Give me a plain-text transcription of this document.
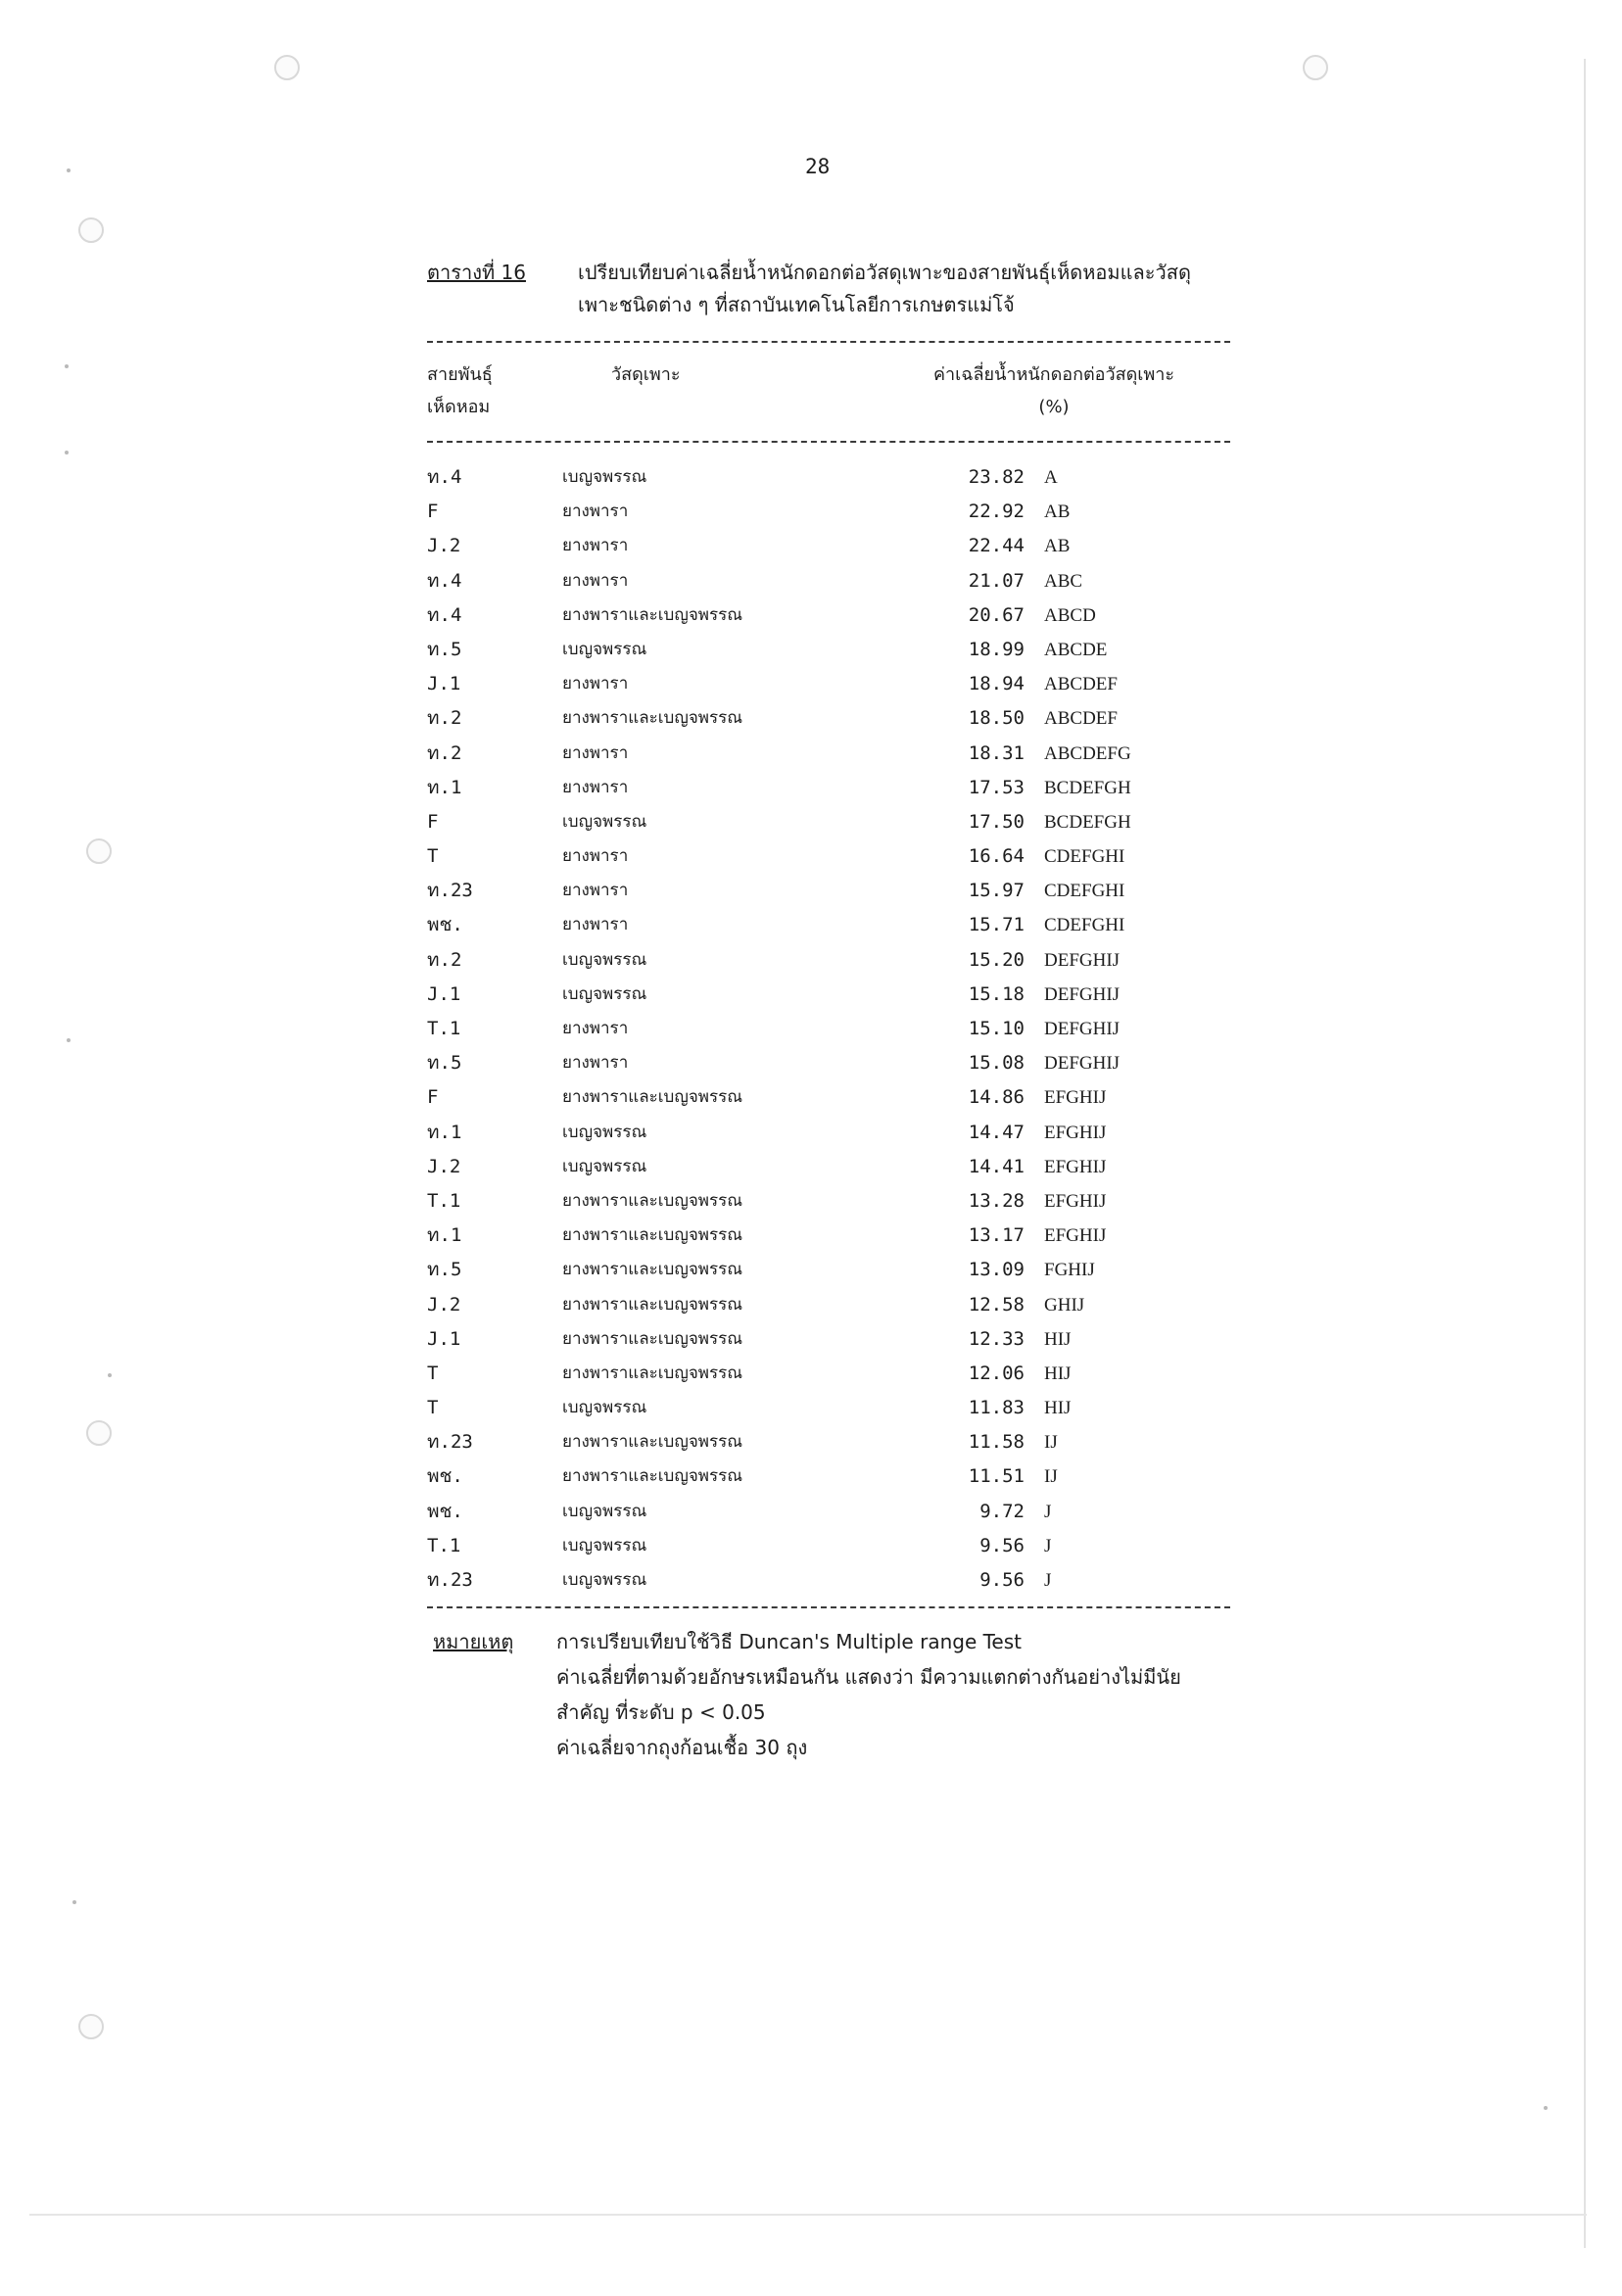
28
ตารางที่ 16	เปรียบเทียบค่าเฉลี่ยน้ำหนักดอกต่อวัสดุเพาะของสายพันธุ์เห็ดหอมและวัสดุ
เพาะชนิดต่าง ๆ ที่สถาบันเทคโนโลยีการเกษตรแม่โจ้
สายพันธุ์
เห็ดหอม
วัสดุเพาะ	ค่าเฉลี่ยน้ำหนักดอกต่อวัสดุเพาะ
(%)
ท.4	เบญจพรรณ	23.82 A
F	ยางพารา	22.92 AB
J.2	ยางพารา	22.44 AB
ท.4	ยางพารา	21.07 ABC
ท.4	ยางพาราและเบญจพรรณ	20.67 ABCD
ท.5	เบญจพรรณ	18.99 ABCDE
J.1	ยางพารา	18.94 ABCDEF
ท.2	ยางพาราและเบญจพรรณ	18.50 ABCDEF
ท.2	ยางพารา	18.31 ABCDEFG
ท.1	ยางพารา	17.53 BCDEFGH
F	เบญจพรรณ	17.50 BCDEFGH
T	ยางพารา	16.64 CDEFGHI
ท.23	ยางพารา	15.97 CDEFGHI
พช.	ยางพารา	15.71 CDEFGHI
ท.2	เบญจพรรณ	15.20 DEFGHIJ
J.1	เบญจพรรณ	15.18 DEFGHIJ
T.1	ยางพารา	15.10 DEFGHIJ
ท.5	ยางพารา	15.08 DEFGHIJ
F	ยางพาราและเบญจพรรณ	14.86 EFGHIJ
ท.1	เบญจพรรณ	14.47 EFGHIJ
J.2	เบญจพรรณ	14.41 EFGHIJ
T.1	ยางพาราและเบญจพรรณ	13.28 EFGHIJ
ท.1	ยางพาราและเบญจพรรณ	13.17 EFGHIJ
ท.5	ยางพาราและเบญจพรรณ	13.09 FGHIJ
J.2	ยางพาราและเบญจพรรณ	12.58 GHIJ
J.1	ยางพาราและเบญจพรรณ	12.33 HIJ
T	ยางพาราและเบญจพรรณ	12.06 HIJ
T	เบญจพรรณ	11.83 HIJ
ท.23	ยางพาราและเบญจพรรณ	11.58 IJ
พช.	ยางพาราและเบญจพรรณ	11.51 IJ
พช.	เบญจพรรณ	9.72 J
T.1	เบญจพรรณ	9.56 J
ท.23	เบญจพรรณ	9.56 J
หมายเหตุ การเปรียบเทียบใช้วิธี Duncan's Multiple range Test
ค่าเฉลี่ยที่ตามด้วยอักษรเหมือนกัน แสดงว่า มีความแตกต่างกันอย่างไม่มีนัย
สำคัญ ที่ระดับ p < 0.05
ค่าเฉลี่ยจากถุงก้อนเชื้อ 30 ถุง
